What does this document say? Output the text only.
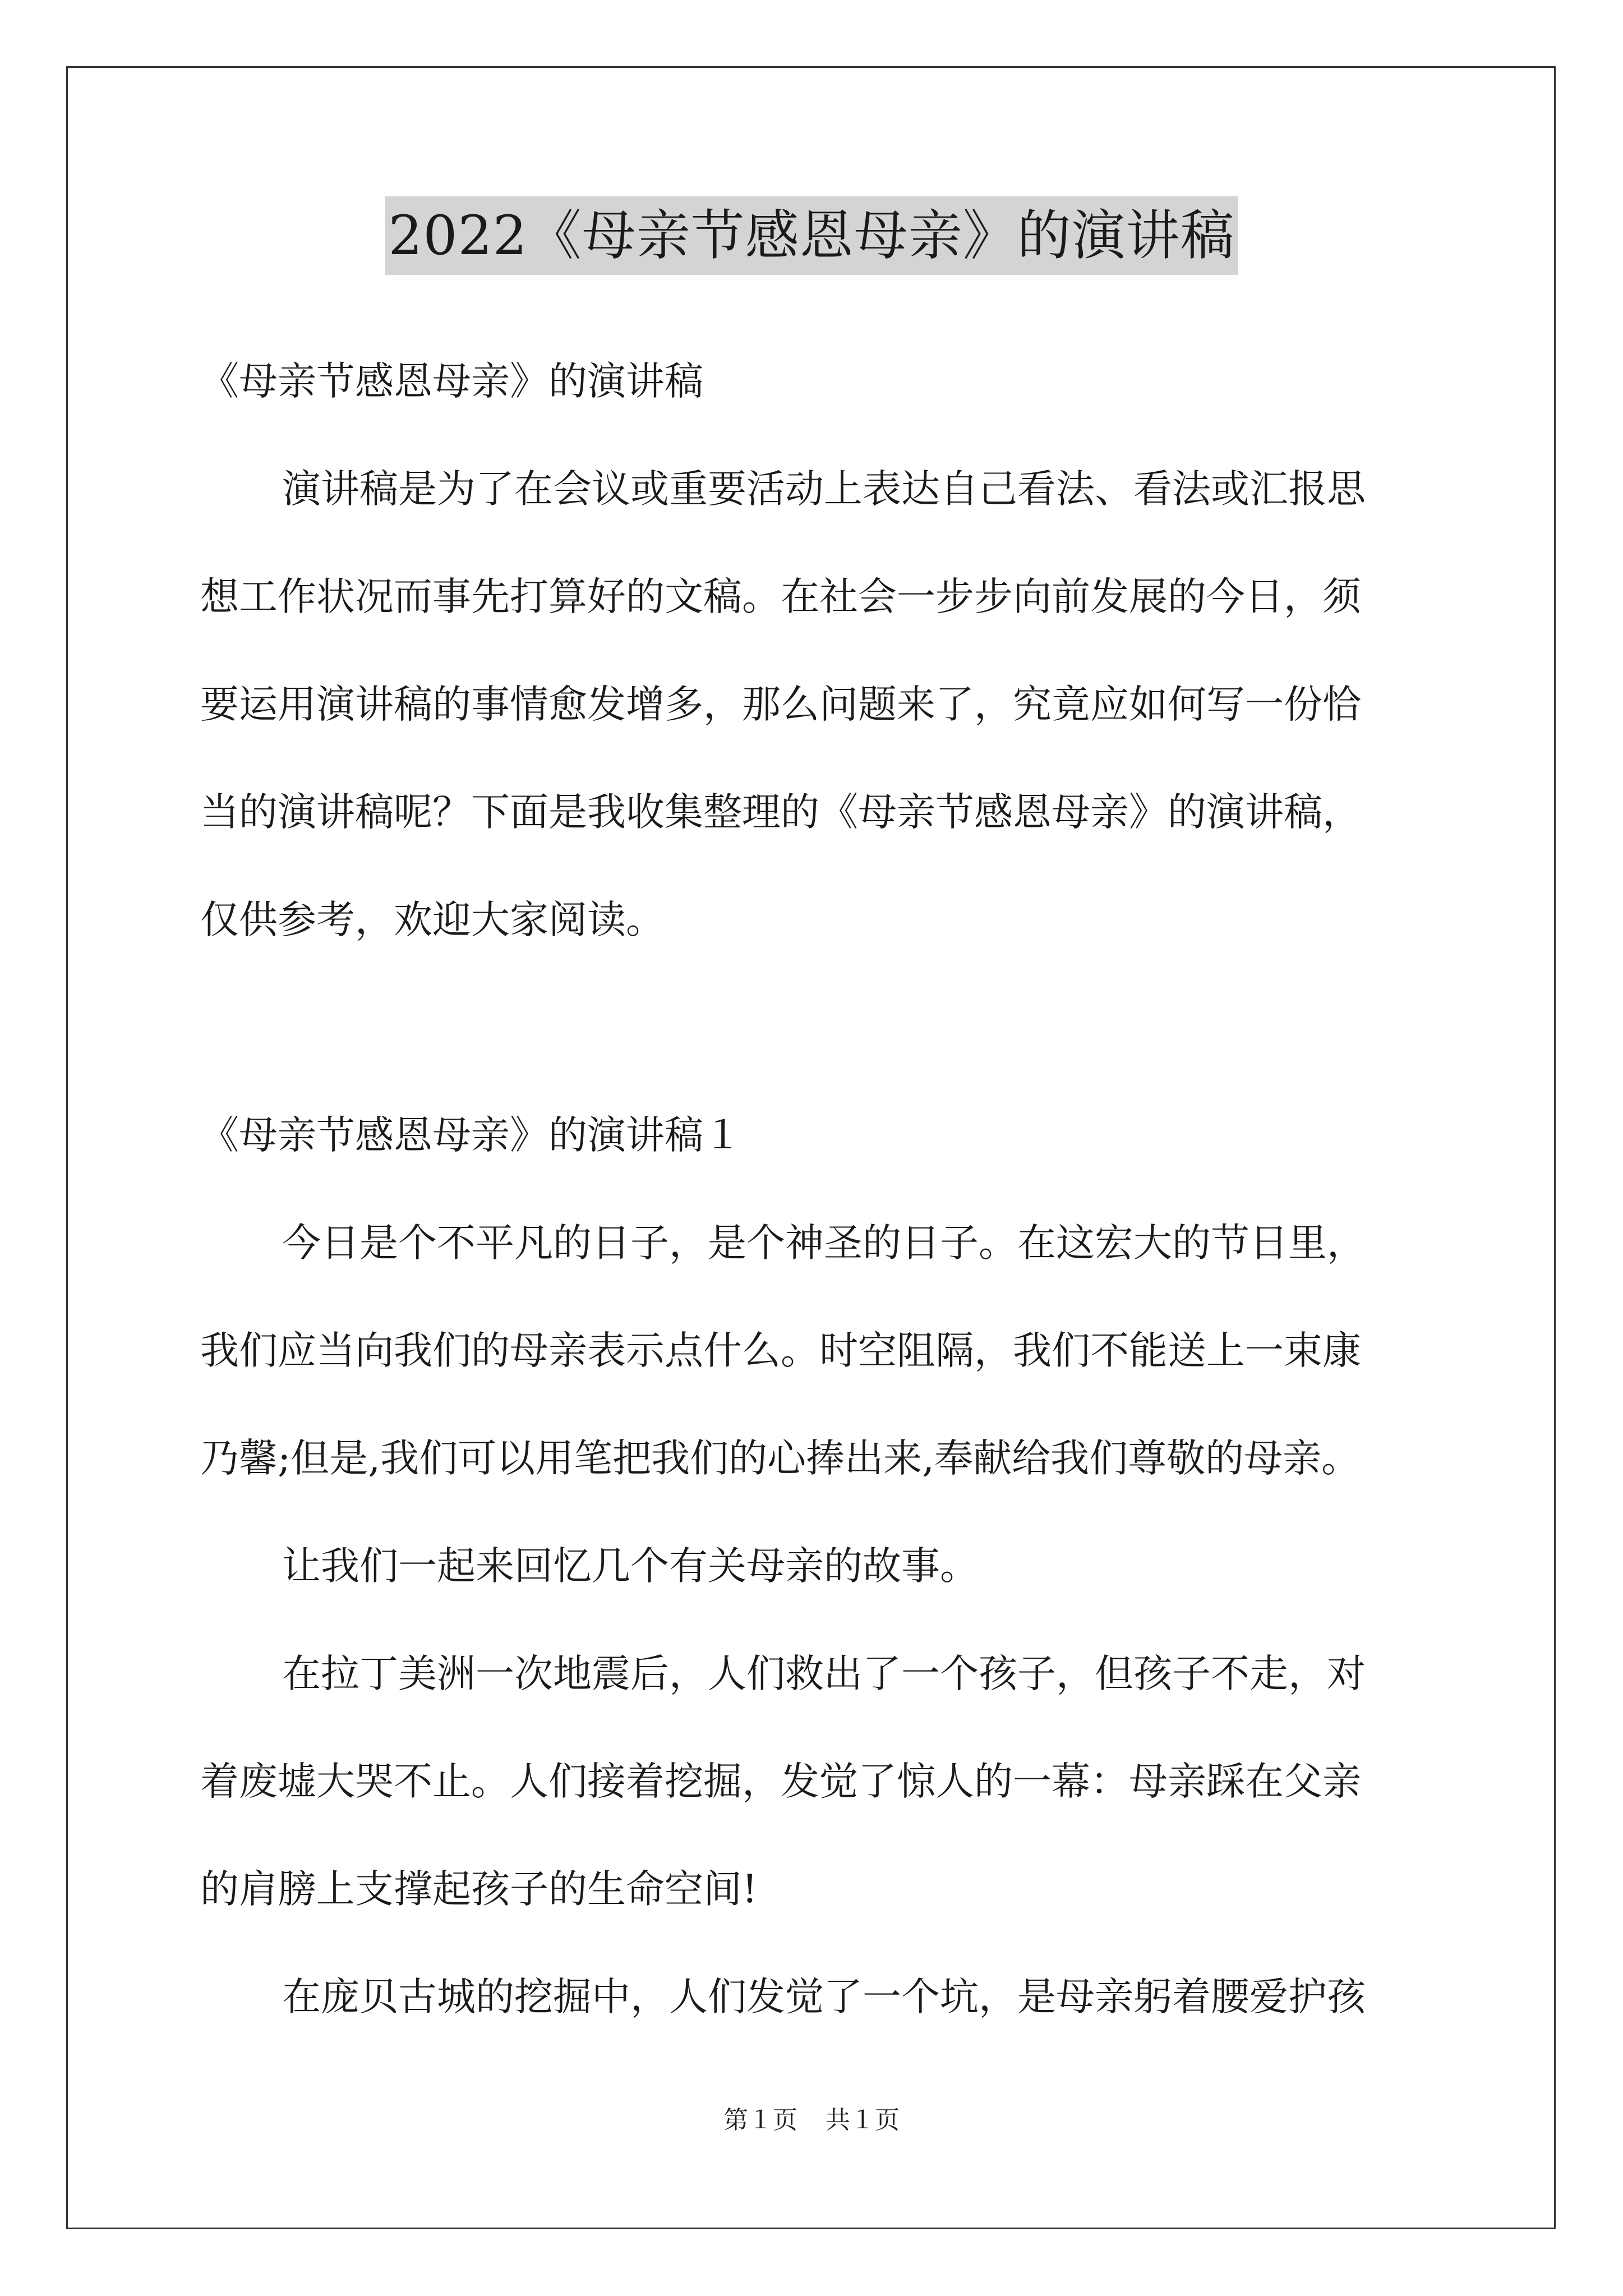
2022《母亲节感恩母亲》的演讲稿
《母亲节感恩母亲》的演讲稿
演讲稿是为了在会议或重要活动上表达自己看法、看法或汇报思
想工作状况而事先打算好的文稿。在社会一步步向前发展的今日，须
要运用演讲稿的事情愈发增多，那么问题来了，究竟应如何写一份恰
当的演讲稿呢？下面是我收集整理的《母亲节感恩母亲》的演讲稿，
仅供参考，欢迎大家阅读。
《母亲节感恩母亲》的演讲稿１
今日是个不平凡的日子，是个神圣的日子。在这宏大的节日里，
我们应当向我们的母亲表示点什么。时空阻隔，我们不能送上一束康
乃馨;但是,我们可以用笔把我们的心捧出来,奉献给我们尊敬的母亲。
让我们一起来回忆几个有关母亲的故事。
在拉丁美洲一次地震后，人们救出了一个孩子，但孩子不走，对
着废墟大哭不止。人们接着挖掘，发觉了惊人的一幕：母亲踩在父亲
的肩膀上支撑起孩子的生命空间!
在庞贝古城的挖掘中，人们发觉了一个坑，是母亲躬着腰爱护孩
第１页 共１页
